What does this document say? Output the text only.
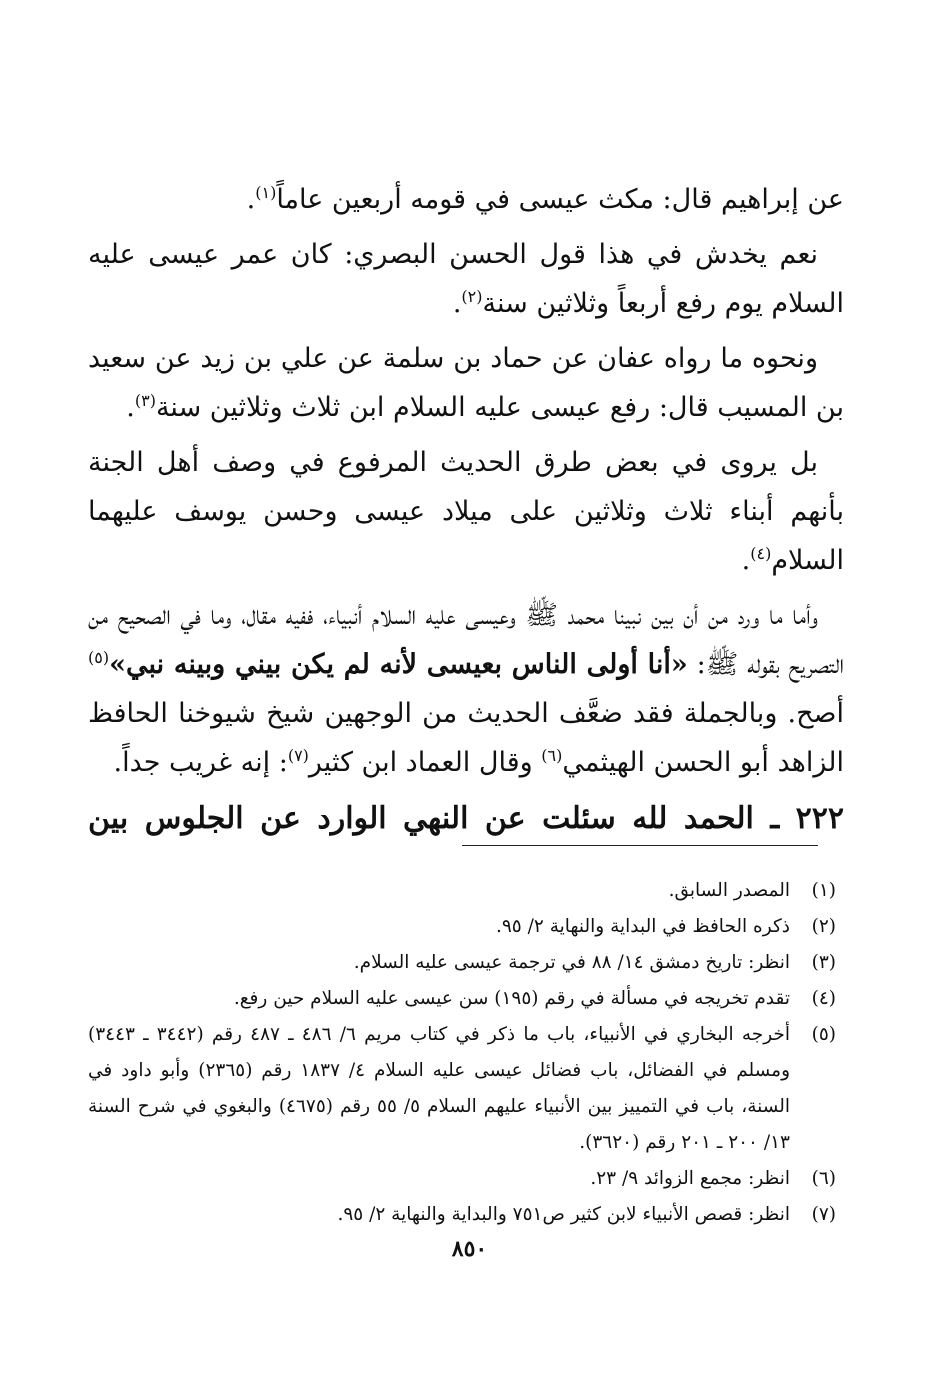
عن إبراهيم قال: مكث عيسى في قومه أربعين عاماً$^{(١)}$.

نعم يخدش في هذا قول الحسن البصري: كان عمر عيسى عليه السلام يوم رفع أربعاً وثلاثين سنة$^{(٢)}$.

ونحوه ما رواه عفان عن حماد بن سلمة عن علي بن زيد عن سعيد بن المسيب قال: رفع عيسى عليه السلام ابن ثلاث وثلاثين سنة$^{(٣)}$.

بل يروى في بعض طرق الحديث المرفوع في وصف أهل الجنة بأنهم أبناء ثلاث وثلاثين على ميلاد عيسى وحسن يوسف عليهما السلام$^{(٤)}$.

وأما ما ورد من أن بين نبينا محمد ﷺ وعيسى عليه السلام أنبياء، ففيه مقال، وما في الصحيح من التصريح بقوله ﷺ: «أنا أولى الناس بعيسى لأنه لم يكن بيني وبينه نبي»$^{(٥)}$ أصح. وبالجملة فقد ضعَّف الحديث من الوجهين شيخ شيوخنا الحافظ الزاهد أبو الحسن الهيثمي$^{(٦)}$ وقال العماد ابن كثير$^{(٧)}$: إنه غريب جداً.

٢٢٢ ـ الحمد لله سئلت عن النهي الوارد عن الجلوس بين

(١)
المصدر السابق.
(٢)
ذكره الحافظ في البداية والنهاية ٢/ ٩٥.
(٣)
انظر: تاريخ دمشق ١٤/ ٨٨ في ترجمة عيسى عليه السلام.
(٤)
تقدم تخريجه في مسألة في رقم (١٩٥) سن عيسى عليه السلام حين رفع.
(٥)
أخرجه البخاري في الأنبياء، باب ما ذكر في كتاب مريم ٦/ ٤٨٦ ـ ٤٨٧ رقم (٣٤٤٢ ـ ٣٤٤٣) ومسلم في الفضائل، باب فضائل عيسى عليه السلام ٤/ ١٨٣٧ رقم (٢٣٦٥) وأبو داود في السنة، باب في التمييز بين الأنبياء عليهم السلام ٥/ ٥٥ رقم (٤٦٧٥) والبغوي في شرح السنة ١٣/ ٢٠٠ ـ ٢٠١ رقم (٣٦٢٠).
(٦)
انظر: مجمع الزوائد ٩/ ٢٣.
(٧)
انظر: قصص الأنبياء لابن كثير ص٧٥١ والبداية والنهاية ٢/ ٩٥.
٨٥٠
